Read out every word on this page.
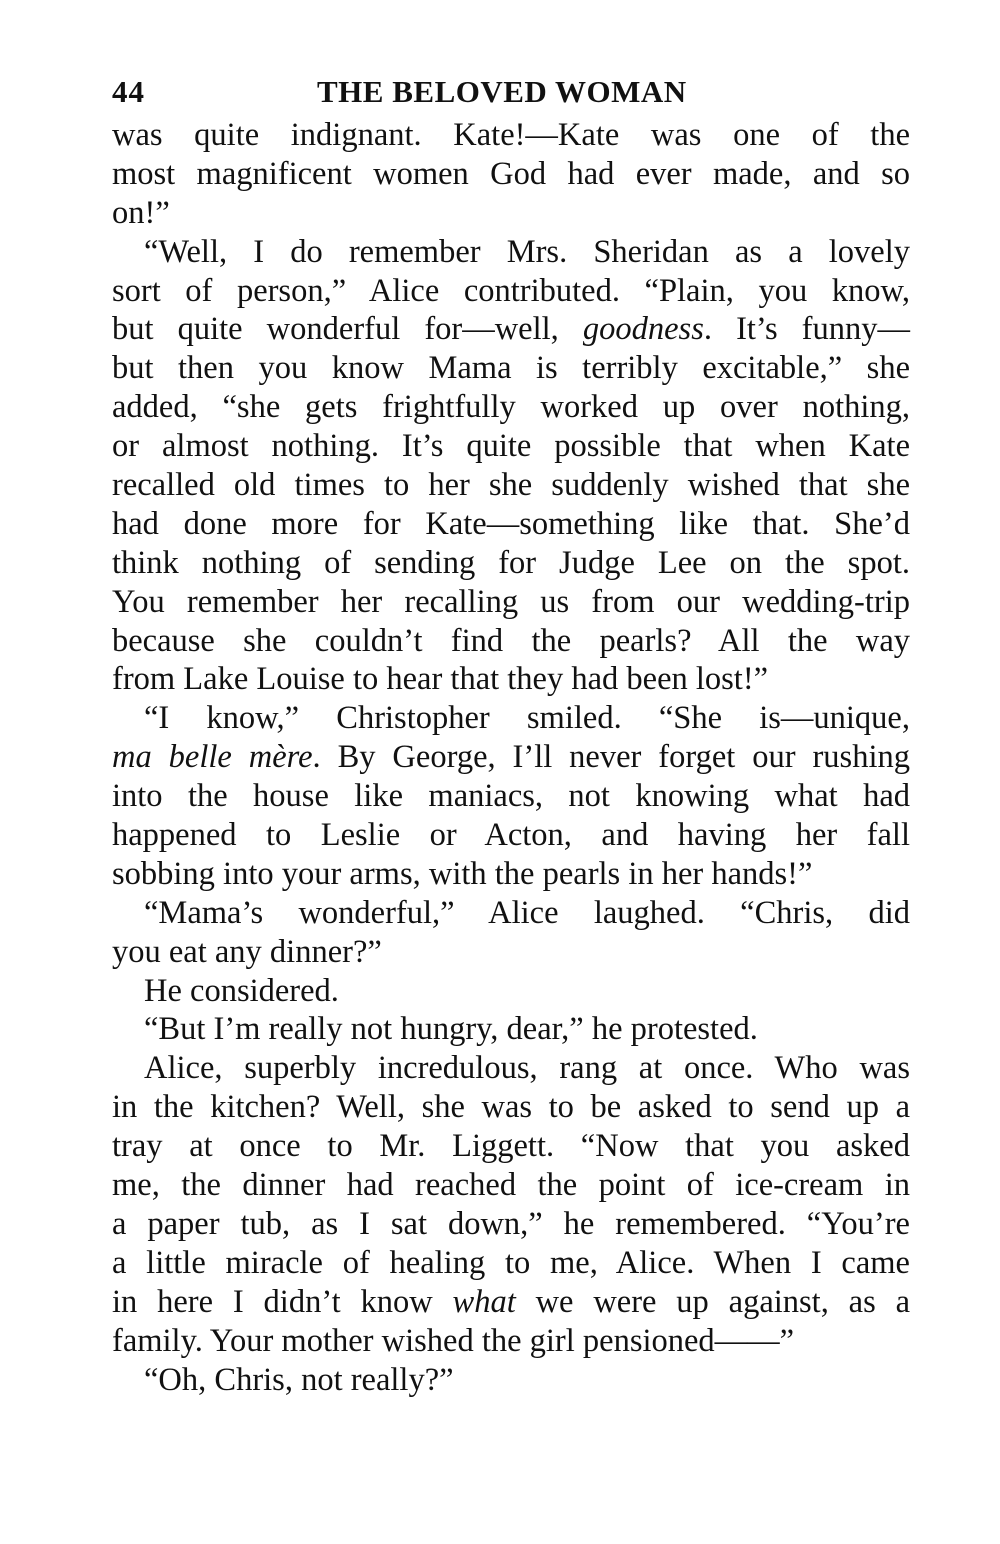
44	THE BELOVED WOMAN
was quite indignant. Kate!—Kate was one of the
most magnificent women God had ever made, and so
on!”
“Well, I do remember Mrs. Sheridan as a lovely
sort of person,” Alice contributed. “Plain, you know,
but quite wonderful for—well, goodness. It’s funny—
but then you know Mama is terribly excitable,” she
added, “she gets frightfully worked up over nothing,
or almost nothing. It’s quite possible that when Kate
recalled old times to her she suddenly wished that she
had done more for Kate—something like that. She’d
think nothing of sending for Judge Lee on the spot.
You remember her recalling us from our wedding-trip
because she couldn’t find the pearls? All the way
from Lake Louise to hear that they had been lost!”
“I know,” Christopher smiled. “She is—unique,
ma belle mère. By George, I’ll never forget our rushing
into the house like maniacs, not knowing what had
happened to Leslie or Acton, and having her fall
sobbing into your arms, with the pearls in her hands!”
“Mama’s wonderful,” Alice laughed. “Chris, did
you eat any dinner?”
He considered.
“But I’m really not hungry, dear,” he protested.
Alice, superbly incredulous, rang at once. Who was
in the kitchen? Well, she was to be asked to send up a
tray at once to Mr. Liggett. “Now that you asked
me, the dinner had reached the point of ice-cream in
a paper tub, as I sat down,” he remembered. “You’re
a little miracle of healing to me, Alice. When I came
in here I didn’t know what we were up against, as a
family. Your mother wished the girl pensioned——”
“Oh, Chris, not really?”
